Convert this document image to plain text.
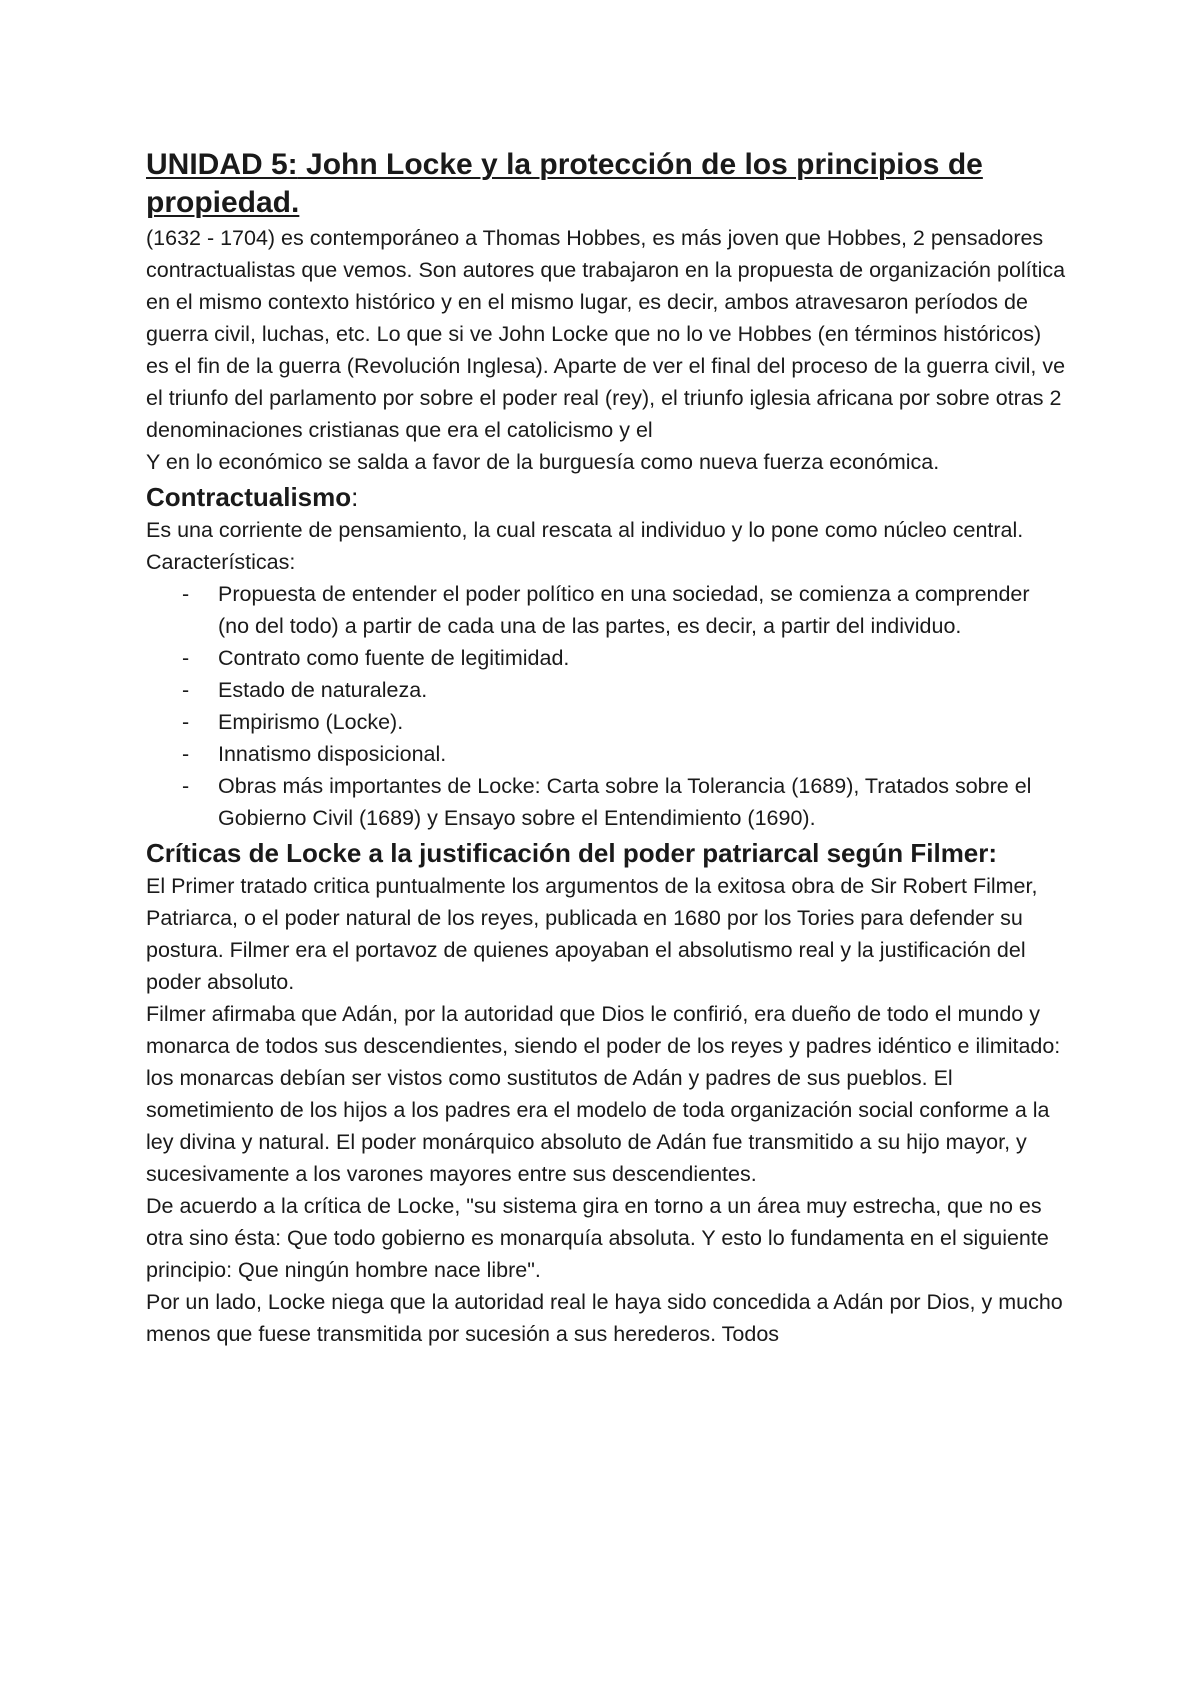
UNIDAD 5: John Locke y la protección de los principios de propiedad.

(1632 - 1704) es contemporáneo a Thomas Hobbes, es más joven que Hobbes, 2 pensadores contractualistas que vemos. Son autores que trabajaron en la propuesta de organización política en el mismo contexto histórico y en el mismo lugar, es decir, ambos atravesaron períodos de guerra civil, luchas, etc. Lo que si ve John Locke que no lo ve Hobbes (en términos históricos) es el fin de la guerra (Revolución Inglesa). Aparte de ver el final del proceso de la guerra civil, ve el triunfo del parlamento por sobre el poder real (rey), el triunfo iglesia africana por sobre otras 2 denominaciones cristianas que era el catolicismo y el

Y en lo económico se salda a favor de la burguesía como nueva fuerza económica.

Contractualismo:

Es una corriente de pensamiento, la cual rescata al individuo y lo pone como núcleo central.

Características:

- Propuesta de entender el poder político en una sociedad, se comienza a comprender (no del todo) a partir de cada una de las partes, es decir, a partir del individuo.
- Contrato como fuente de legitimidad.
- Estado de naturaleza.
- Empirismo (Locke).
- Innatismo disposicional.
- Obras más importantes de Locke: Carta sobre la Tolerancia (1689), Tratados sobre el Gobierno Civil (1689) y Ensayo sobre el Entendimiento (1690).
Críticas de Locke a la justificación del poder patriarcal según Filmer:

El Primer tratado critica puntualmente los argumentos de la exitosa obra de Sir Robert Filmer, Patriarca, o el poder natural de los reyes, publicada en 1680 por los Tories para defender su postura. Filmer era el portavoz de quienes apoyaban el absolutismo real y la justificación del poder absoluto.

Filmer afirmaba que Adán, por la autoridad que Dios le confirió, era dueño de todo el mundo y monarca de todos sus descendientes, siendo el poder de los reyes y padres idéntico e ilimitado: los monarcas debían ser vistos como sustitutos de Adán y padres de sus pueblos. El sometimiento de los hijos a los padres era el modelo de toda organización social conforme a la ley divina y natural. El poder monárquico absoluto de Adán fue transmitido a su hijo mayor, y sucesivamente a los varones mayores entre sus descendientes.

De acuerdo a la crítica de Locke, "su sistema gira en torno a un área muy estrecha, que no es otra sino ésta: Que todo gobierno es monarquía absoluta. Y esto lo fundamenta en el siguiente principio: Que ningún hombre nace libre".

Por un lado, Locke niega que la autoridad real le haya sido concedida a Adán por Dios, y mucho menos que fuese transmitida por sucesión a sus herederos. Todos
